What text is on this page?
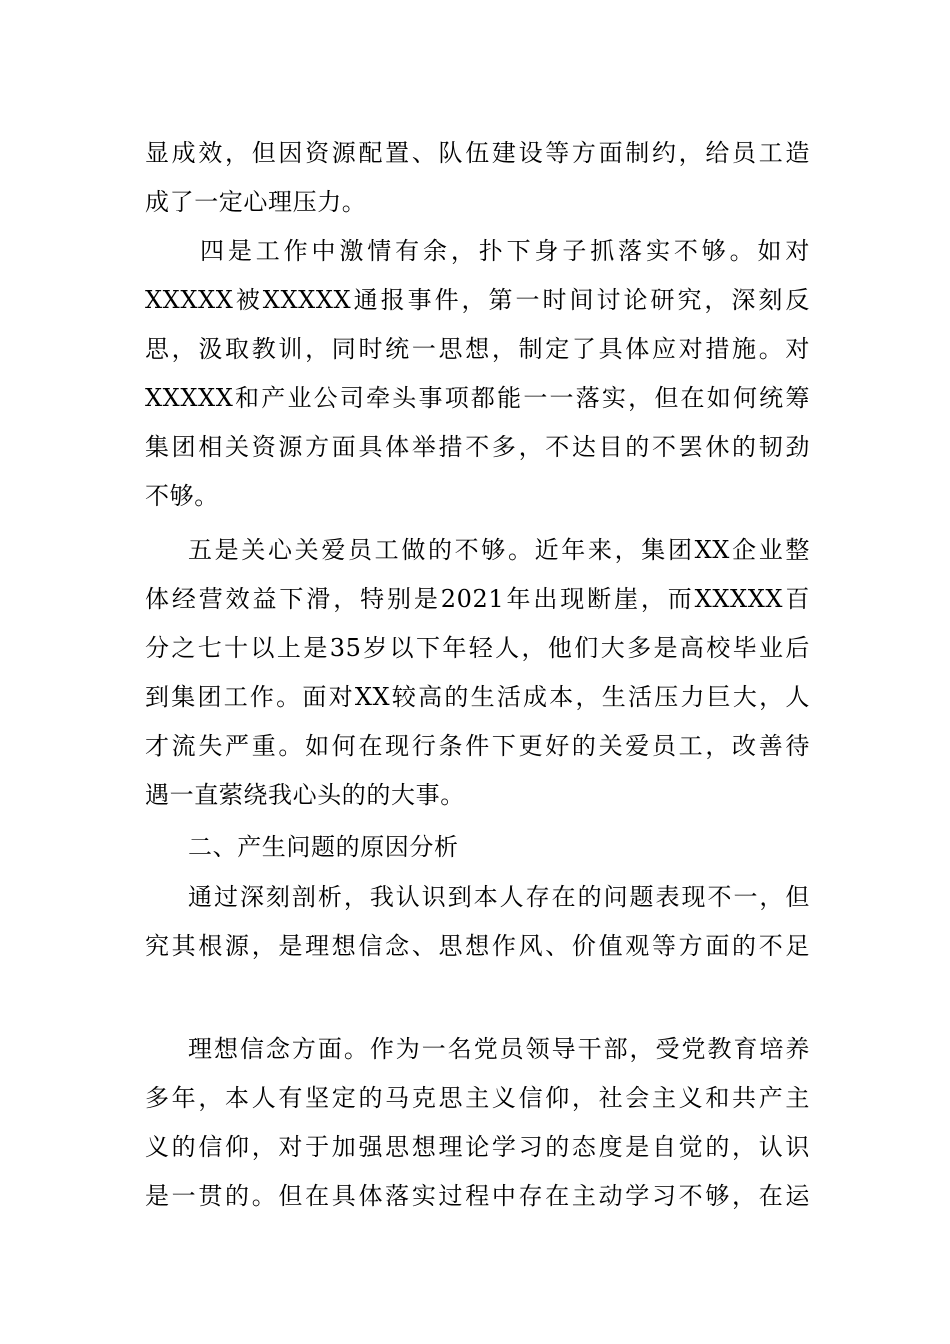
显成效，但因资源配置、队伍建设等方面制约，给员工造
成了一定心理压力。
四是工作中激情有余，扑下身子抓落实不够。如对
XXXXX被XXXXX通报事件，第一时间讨论研究，深刻反
思，汲取教训，同时统一思想，制定了具体应对措施。对
XXXXX和产业公司牵头事项都能一一落实，但在如何统筹
集团相关资源方面具体举措不多，不达目的不罢休的韧劲
不够。
五是关心关爱员工做的不够。近年来，集团XX企业整
体经营效益下滑，特别是2021年出现断崖，而XXXXX百
分之七十以上是35岁以下年轻人，他们大多是高校毕业后
到集团工作。面对XX较高的生活成本，生活压力巨大，人
才流失严重。如何在现行条件下更好的关爱员工，改善待
遇一直萦绕我心头的的大事。
二、产生问题的原因分析
通过深刻剖析，我认识到本人存在的问题表现不一，但
究其根源，是理想信念、思想作风、价值观等方面的不足
理想信念方面。作为一名党员领导干部，受党教育培养
多年，本人有坚定的马克思主义信仰，社会主义和共产主
义的信仰，对于加强思想理论学习的态度是自觉的，认识
是一贯的。但在具体落实过程中存在主动学习不够，在运
